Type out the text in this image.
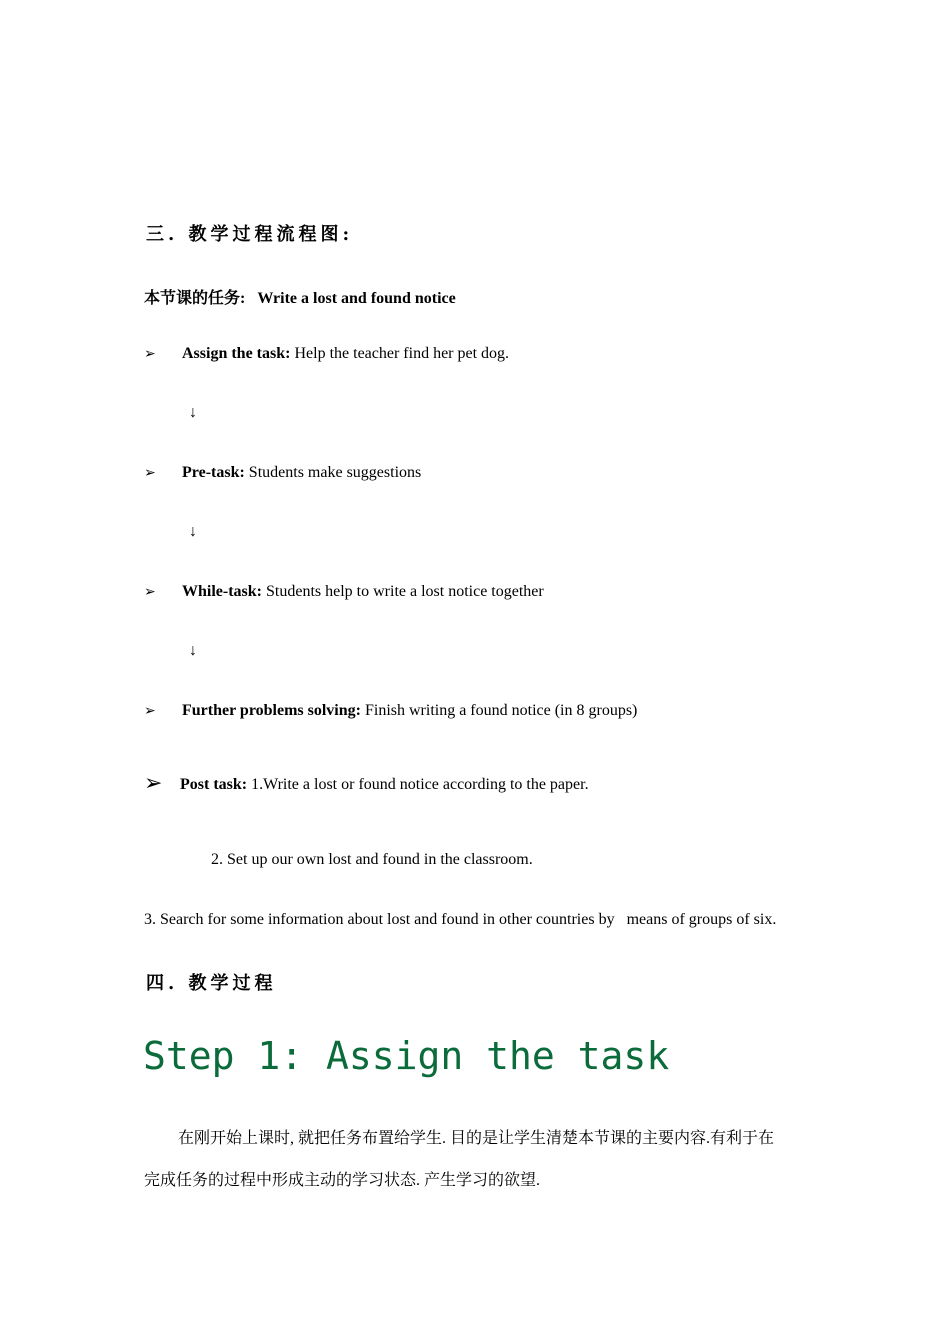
三. 教学过程流程图:
本节课的任务: Write a lost and found notice
➢ Assign the task: Help the teacher find her pet dog.
↓
➢ Pre-task: Students make suggestions
↓
➢ While-task: Students help to write a lost notice together
↓
➢ Further problems solving: Finish writing a found notice (in 8 groups)
➢ Post task: 1.Write a lost or found notice according to the paper.
2. Set up our own lost and found in the classroom.
3. Search for some information about lost and found in other countries by   means of groups of six.
四. 教学过程
Step 1: Assign the task
在刚开始上课时, 就把任务布置给学生. 目的是让学生清楚本节课的主要内容.有利于在
完成任务的过程中形成主动的学习状态. 产生学习的欲望.
